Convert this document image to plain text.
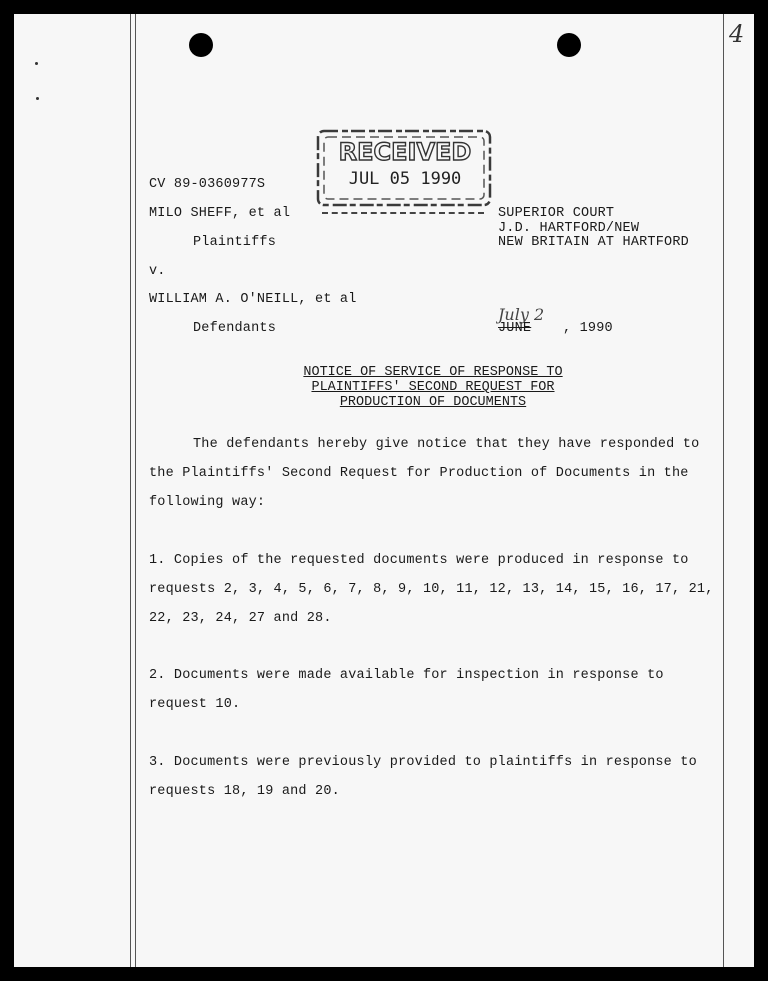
4
RECEIVED
JUL 05 1990
CV 89-0360977S
MILO SHEFF, et al
Plaintiffs
v.
WILLIAM A. O'NEILL, et al
Defendants
SUPERIOR COURT
J.D. HARTFORD/NEW
NEW BRITAIN AT HARTFORD
July 2
JUNE , 1990
NOTICE OF SERVICE OF RESPONSE TO
PLAINTIFFS' SECOND REQUEST FOR
PRODUCTION OF DOCUMENTS
The defendants hereby give notice that they have responded to the Plaintiffs' Second Request for Production of Documents in the following way:
1. Copies of the requested documents were produced in response to requests 2, 3, 4, 5, 6, 7, 8, 9, 10, 11, 12, 13, 14, 15, 16, 17, 21, 22, 23, 24, 27 and 28.
2. Documents were made available for inspection in response to request 10.
3. Documents were previously provided to plaintiffs in response to requests 18, 19 and 20.
